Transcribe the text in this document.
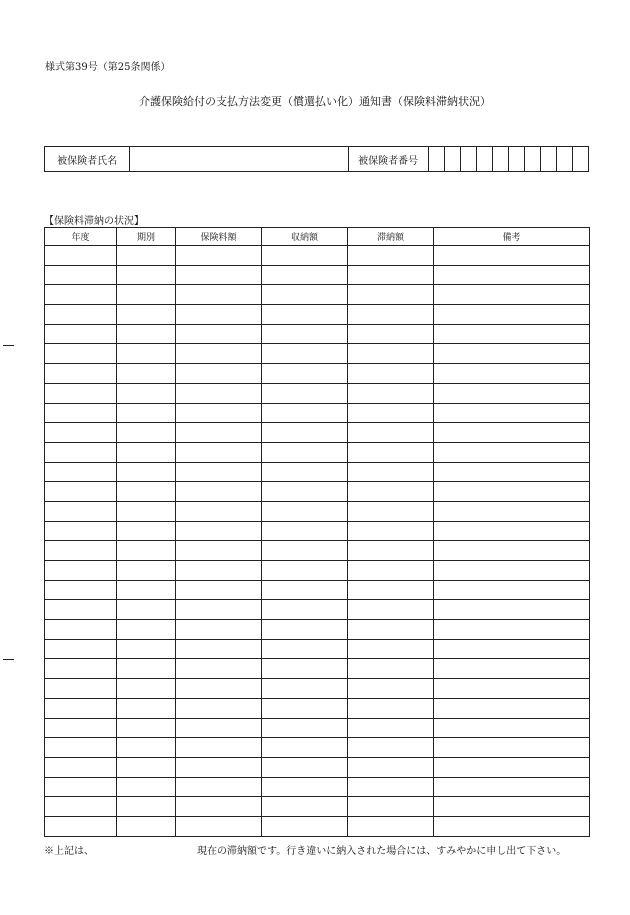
様式第39号（第25条関係）
介護保険給付の支払方法変更（償還払い化）通知書（保険料滞納状況）
被保険者氏名		被保険者番号										
【保険料滞納の状況】
年度	期別	保険料額	収納額	滞納額	備考

※上記は、	現在の滞納額です。行き違いに納入された場合には、すみやかに申し出て下さい。
